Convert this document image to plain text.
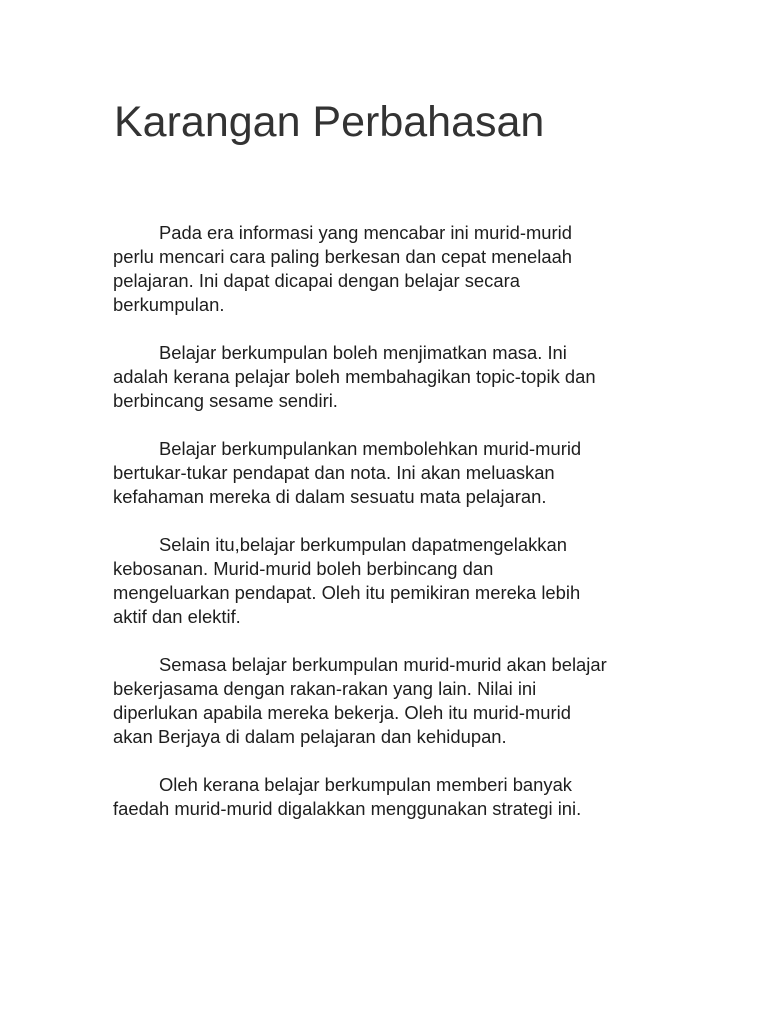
Karangan Perbahasan

Pada era informasi yang mencabar ini murid-murid
perlu mencari cara paling berkesan dan cepat menelaah
pelajaran. Ini dapat dicapai dengan belajar secara
berkumpulan.

Belajar berkumpulan boleh menjimatkan masa. Ini
adalah kerana pelajar boleh membahagikan topic-topik dan
berbincang sesame sendiri.

Belajar berkumpulankan membolehkan murid-murid
bertukar-tukar pendapat dan nota. Ini akan meluaskan
kefahaman mereka di dalam sesuatu mata pelajaran.

Selain itu,belajar berkumpulan dapatmengelakkan
kebosanan. Murid-murid boleh berbincang dan
mengeluarkan pendapat. Oleh itu pemikiran mereka lebih
aktif dan elektif.

Semasa belajar berkumpulan murid-murid akan belajar
bekerjasama dengan rakan-rakan yang lain. Nilai ini
diperlukan apabila mereka bekerja. Oleh itu murid-murid
akan Berjaya di dalam pelajaran dan kehidupan.

Oleh kerana belajar berkumpulan memberi banyak
faedah murid-murid digalakkan menggunakan strategi ini.
